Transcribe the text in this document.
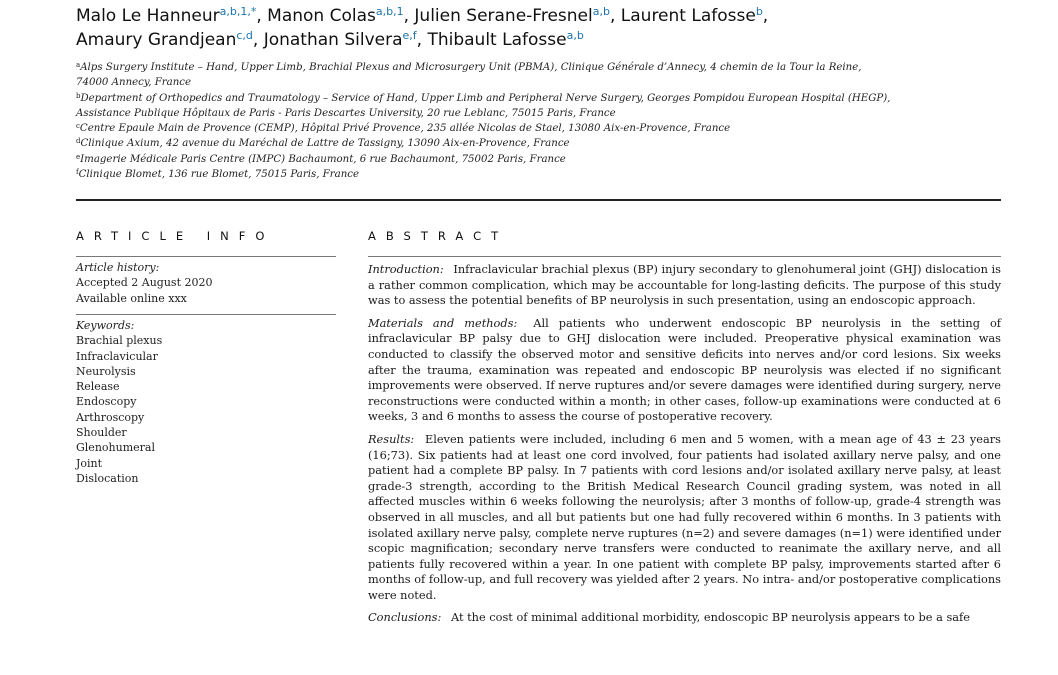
Malo Le Hanneur$^{a,b,1,*}$, Manon Colas$^{a,b,1}$, Julien Serane-Fresnel$^{a,b}$, Laurent Lafosse$^b$,
Amaury Grandjean$^{c,d}$, Jonathan Silvera$^{e,f}$, Thibault Lafosse$^{a,b}$

$^a$Alps Surgery Institute – Hand, Upper Limb, Brachial Plexus and Microsurgery Unit (PBMA), Clinique Générale d’Annecy, 4 chemin de la Tour la Reine,

74000 Annecy, France

$^b$Department of Orthopedics and Traumatology – Service of Hand, Upper Limb and Peripheral Nerve Surgery, Georges Pompidou European Hospital (HEGP),

Assistance Publique Hôpitaux de Paris - Paris Descartes University, 20 rue Leblanc, 75015 Paris, France

$^c$Centre Epaule Main de Provence (CEMP), Hôpital Privé Provence, 235 allée Nicolas de Stael, 13080 Aix-en-Provence, France

$^d$Clinique Axium, 42 avenue du Maréchal de Lattre de Tassigny, 13090 Aix-en-Provence, France

$^e$Imagerie Médicale Paris Centre (IMPC) Bachaumont, 6 rue Bachaumont, 75002 Paris, France

$^f$Clinique Blomet, 136 rue Blomet, 75015 Paris, France

ARTICLE INFO	ABSTRACT
Article history:
Accepted 2 August 2020
Available online xxx
Keywords:
Brachial plexus
Infraclavicular
Neurolysis
Release
Endoscopy
Arthroscopy
Shoulder
Glenohumeral
Joint
Dislocation

Introduction: Infraclavicular brachial plexus (BP) injury secondary to glenohumeral joint (GHJ) dislocation is a rather common complication, which may be accountable for long-lasting deficits. The purpose of this study was to assess the potential benefits of BP neurolysis in such presentation, using an endoscopic approach.

Materials and methods: All patients who underwent endoscopic BP neurolysis in the setting of infraclavicular BP palsy due to GHJ dislocation were included. Preoperative physical examination was conducted to classify the observed motor and sensitive deficits into nerves and/or cord lesions. Six weeks after the trauma, examination was repeated and endoscopic BP neurolysis was elected if no significant improvements were observed. If nerve ruptures and/or severe damages were identified during surgery, nerve reconstructions were conducted within a month; in other cases, follow-up examinations were conducted at 6 weeks, 3 and 6 months to assess the course of postoperative recovery.

Results: Eleven patients were included, including 6 men and 5 women, with a mean age of 43 ± 23 years (16;73). Six patients had at least one cord involved, four patients had isolated axillary nerve palsy, and one patient had a complete BP palsy. In 7 patients with cord lesions and/or isolated axillary nerve palsy, at least grade-3 strength, according to the British Medical Research Council grading system, was noted in all affected muscles within 6 weeks following the neurolysis; after 3 months of follow-up, grade-4 strength was observed in all muscles, and all but patients but one had fully recovered within 6 months. In 3 patients with isolated axillary nerve palsy, complete nerve ruptures (n=2) and severe damages (n=1) were identified under scopic magnification; secondary nerve transfers were conducted to reanimate the axillary nerve, and all patients fully recovered within a year. In one patient with complete BP palsy, improvements started after 6 months of follow-up, and full recovery was yielded after 2 years. No intra- and/or postoperative complications were noted.

Conclusions: At the cost of minimal additional morbidity, endoscopic BP neurolysis appears to be a safe
